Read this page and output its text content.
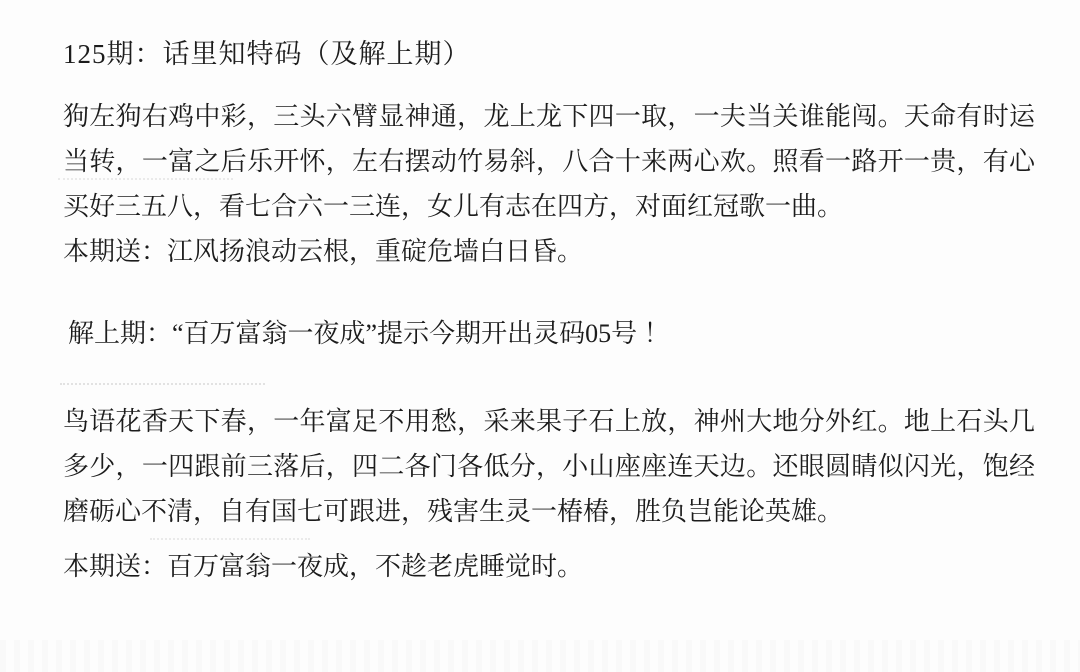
125期：话里知特码（及解上期）
狗左狗右鸡中彩，三头六臂显神通，龙上龙下四一取，一夫当关谁能闯。天命有时运当转，一富之后乐开怀，左右摆动竹易斜，八合十来两心欢。照看一路开一贵，有心买好三五八，看七合六一三连，女儿有志在四方，对面红冠歌一曲。
本期送：江风扬浪动云根，重碇危墙白日昏。
解上期：“百万富翁一夜成”提示今期开出灵码05号 ！
鸟语花香天下春，一年富足不用愁，采来果子石上放，神州大地分外红。地上石头几多少，一四跟前三落后，四二各门各低分，小山座座连天边。还眼圆睛似闪光，饱经磨砺心不清，自有国七可跟进，残害生灵一椿椿，胜负岂能论英雄。
本期送：百万富翁一夜成，不趁老虎睡觉时。
